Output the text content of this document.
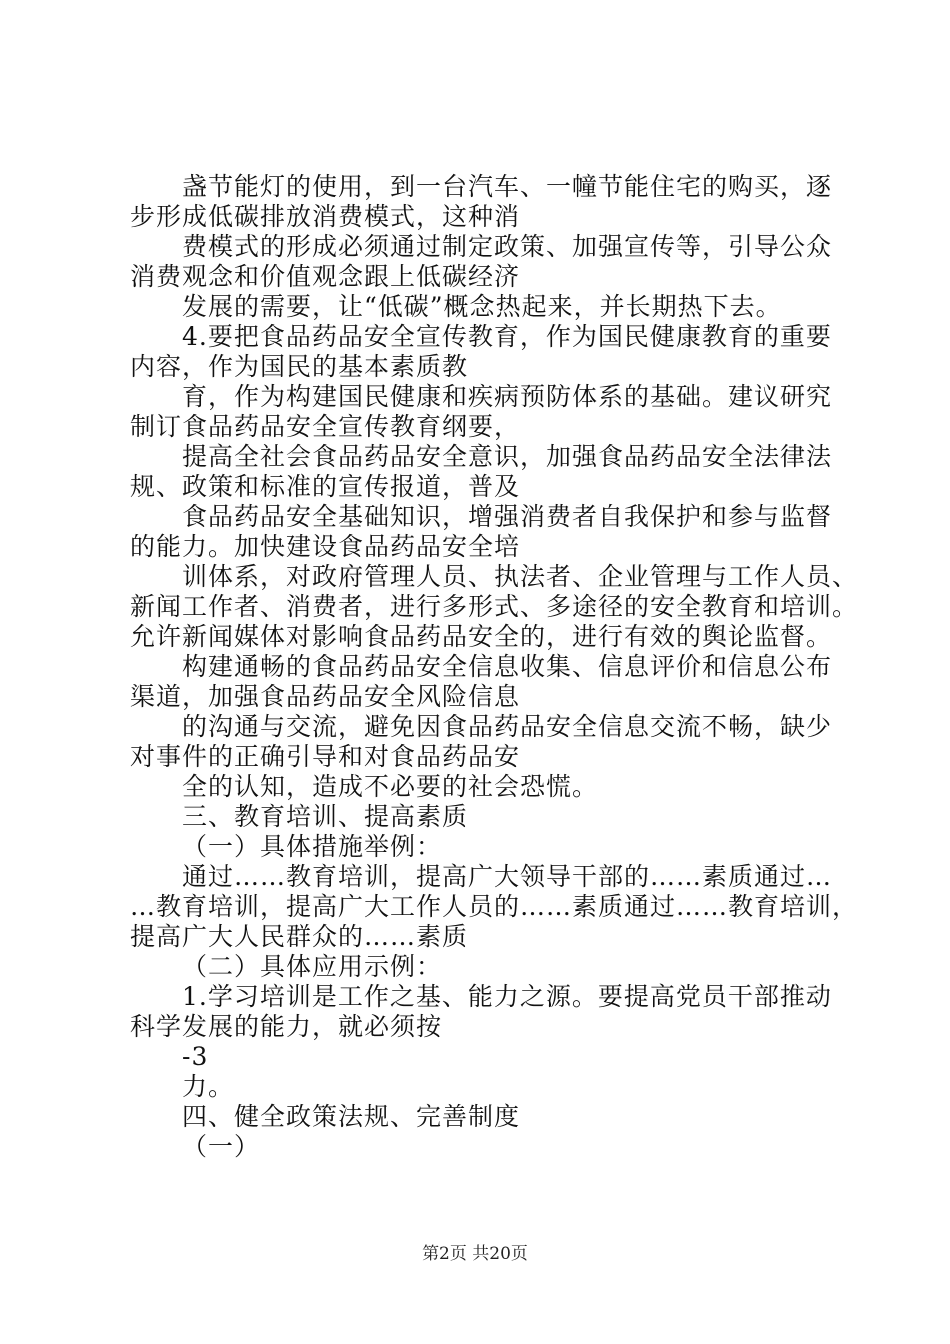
盏节能灯的使用，到一台汽车、一幢节能住宅的购买，逐
步形成低碳排放消费模式，这种消
费模式的形成必须通过制定政策、加强宣传等，引导公众
消费观念和价值观念跟上低碳经济
发展的需要，让“低碳”概念热起来，并长期热下去。
4.要把食品药品安全宣传教育，作为国民健康教育的重要
内容，作为国民的基本素质教
育，作为构建国民健康和疾病预防体系的基础。建议研究
制订食品药品安全宣传教育纲要，
提高全社会食品药品安全意识，加强食品药品安全法律法
规、政策和标准的宣传报道，普及
食品药品安全基础知识，增强消费者自我保护和参与监督
的能力。加快建设食品药品安全培
训体系，对政府管理人员、执法者、企业管理与工作人员、
新闻工作者、消费者，进行多形式、多途径的安全教育和培训。
允许新闻媒体对影响食品药品安全的，进行有效的舆论监督。
构建通畅的食品药品安全信息收集、信息评价和信息公布
渠道，加强食品药品安全风险信息
的沟通与交流，避免因食品药品安全信息交流不畅，缺少
对事件的正确引导和对食品药品安
全的认知，造成不必要的社会恐慌。
三、教育培训、提高素质
（一）具体措施举例：
通过……教育培训，提高广大领导干部的……素质通过…
…教育培训，提高广大工作人员的……素质通过……教育培训，
提高广大人民群众的……素质
（二）具体应用示例：
1.学习培训是工作之基、能力之源。要提高党员干部推动
科学发展的能力，就必须按
-3
力。
四、健全政策法规、完善制度
（一）
第2页 共20页
